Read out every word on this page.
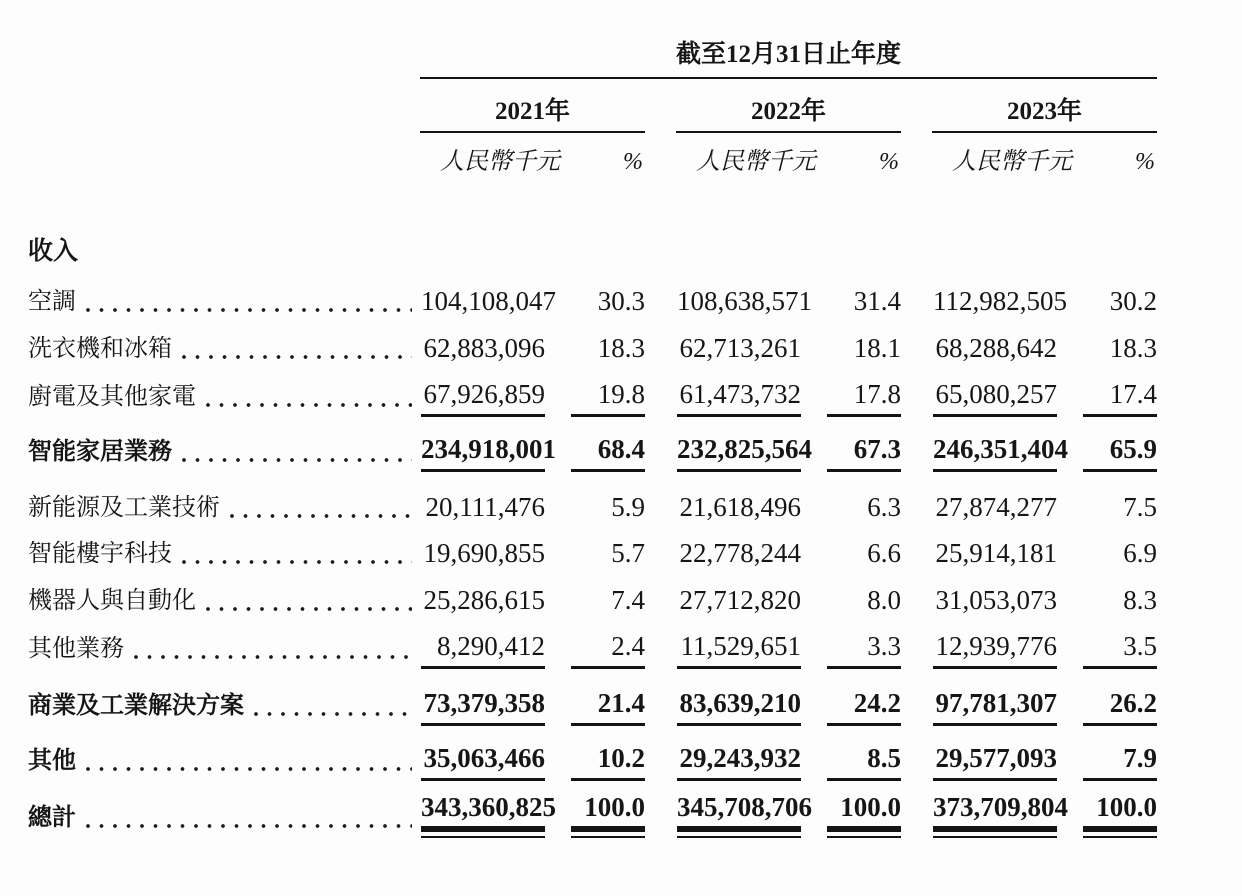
截至12月31日止年度
2021年	2022年	2023年
人民幣千元	%	人民幣千元	%	人民幣千元	%
收入								

空調	104,108,047	30.3		108,638,571	31.4		112,982,505	30.2

洗衣機和冰箱	62,883,096	18.3		62,713,261	18.1		68,288,642	18.3

廚電及其他家電	67,926,859	19.8		61,473,732	17.8		65,080,257	17.4

智能家居業務	234,918,001	68.4		232,825,564	67.3		246,351,404	65.9

新能源及工業技術	20,111,476	5.9		21,618,496	6.3		27,874,277	7.5

智能樓宇科技	19,690,855	5.7		22,778,244	6.6		25,914,181	6.9

機器人與自動化	25,286,615	7.4		27,712,820	8.0		31,053,073	8.3

其他業務	8,290,412	2.4		11,529,651	3.3		12,939,776	3.5

商業及工業解決方案	73,379,358	21.4		83,639,210	24.2		97,781,307	26.2

其他	35,063,466	10.2		29,243,932	8.5		29,577,093	7.9

總計	343,360,825	100.0		345,708,706	100.0		373,709,804	100.0
